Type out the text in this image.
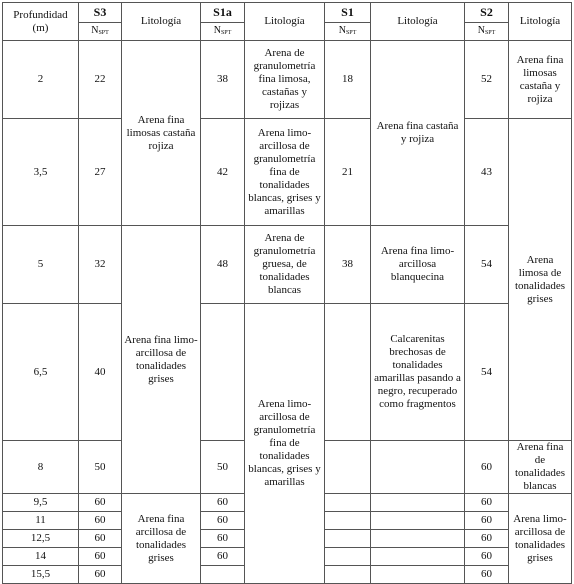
Profundidad (m)	S3	Litología	S1a	Litología	S1	Litología	S2	Litología
	$N_{SPT}$		$N_{SPT}$		$N_{SPT}$		$N_{SPT}$
2	22	Arena fina limosas castaña rojiza	38	Arena de granulometría fina limosa, castañas y rojizas	18	Arena fina castaña y rojiza	52	Arena fina limosas castaña y rojiza
3,5	27		42	Arena limo-arcillosa de granulometría fina de tonalidades blancas, grises y amarillas	21		43	Arena limosa de tonalidades grises
5	32	Arena fina limo-arcillosa de tonalidades grises	48	Arena de granulometría gruesa, de tonalidades blancas	38	Arena fina limo-arcillosa blanquecina	54	
6,5	40			Arena limo-arcillosa de granulometría fina de tonalidades blancas, grises y amarillas		Calcarenitas brechosas de tonalidades amarillas pasando a negro, recuperado como fragmentos	54	
8	50		50				60	Arena fina de tonalidades blancas
9,5	60	Arena fina arcillosa de tonalidades grises	60				60	Arena limo-arcillosa de tonalidades grises
11	60		60				60	
12,5	60		60				60	
14	60		60				60	
15,5	60						60	
